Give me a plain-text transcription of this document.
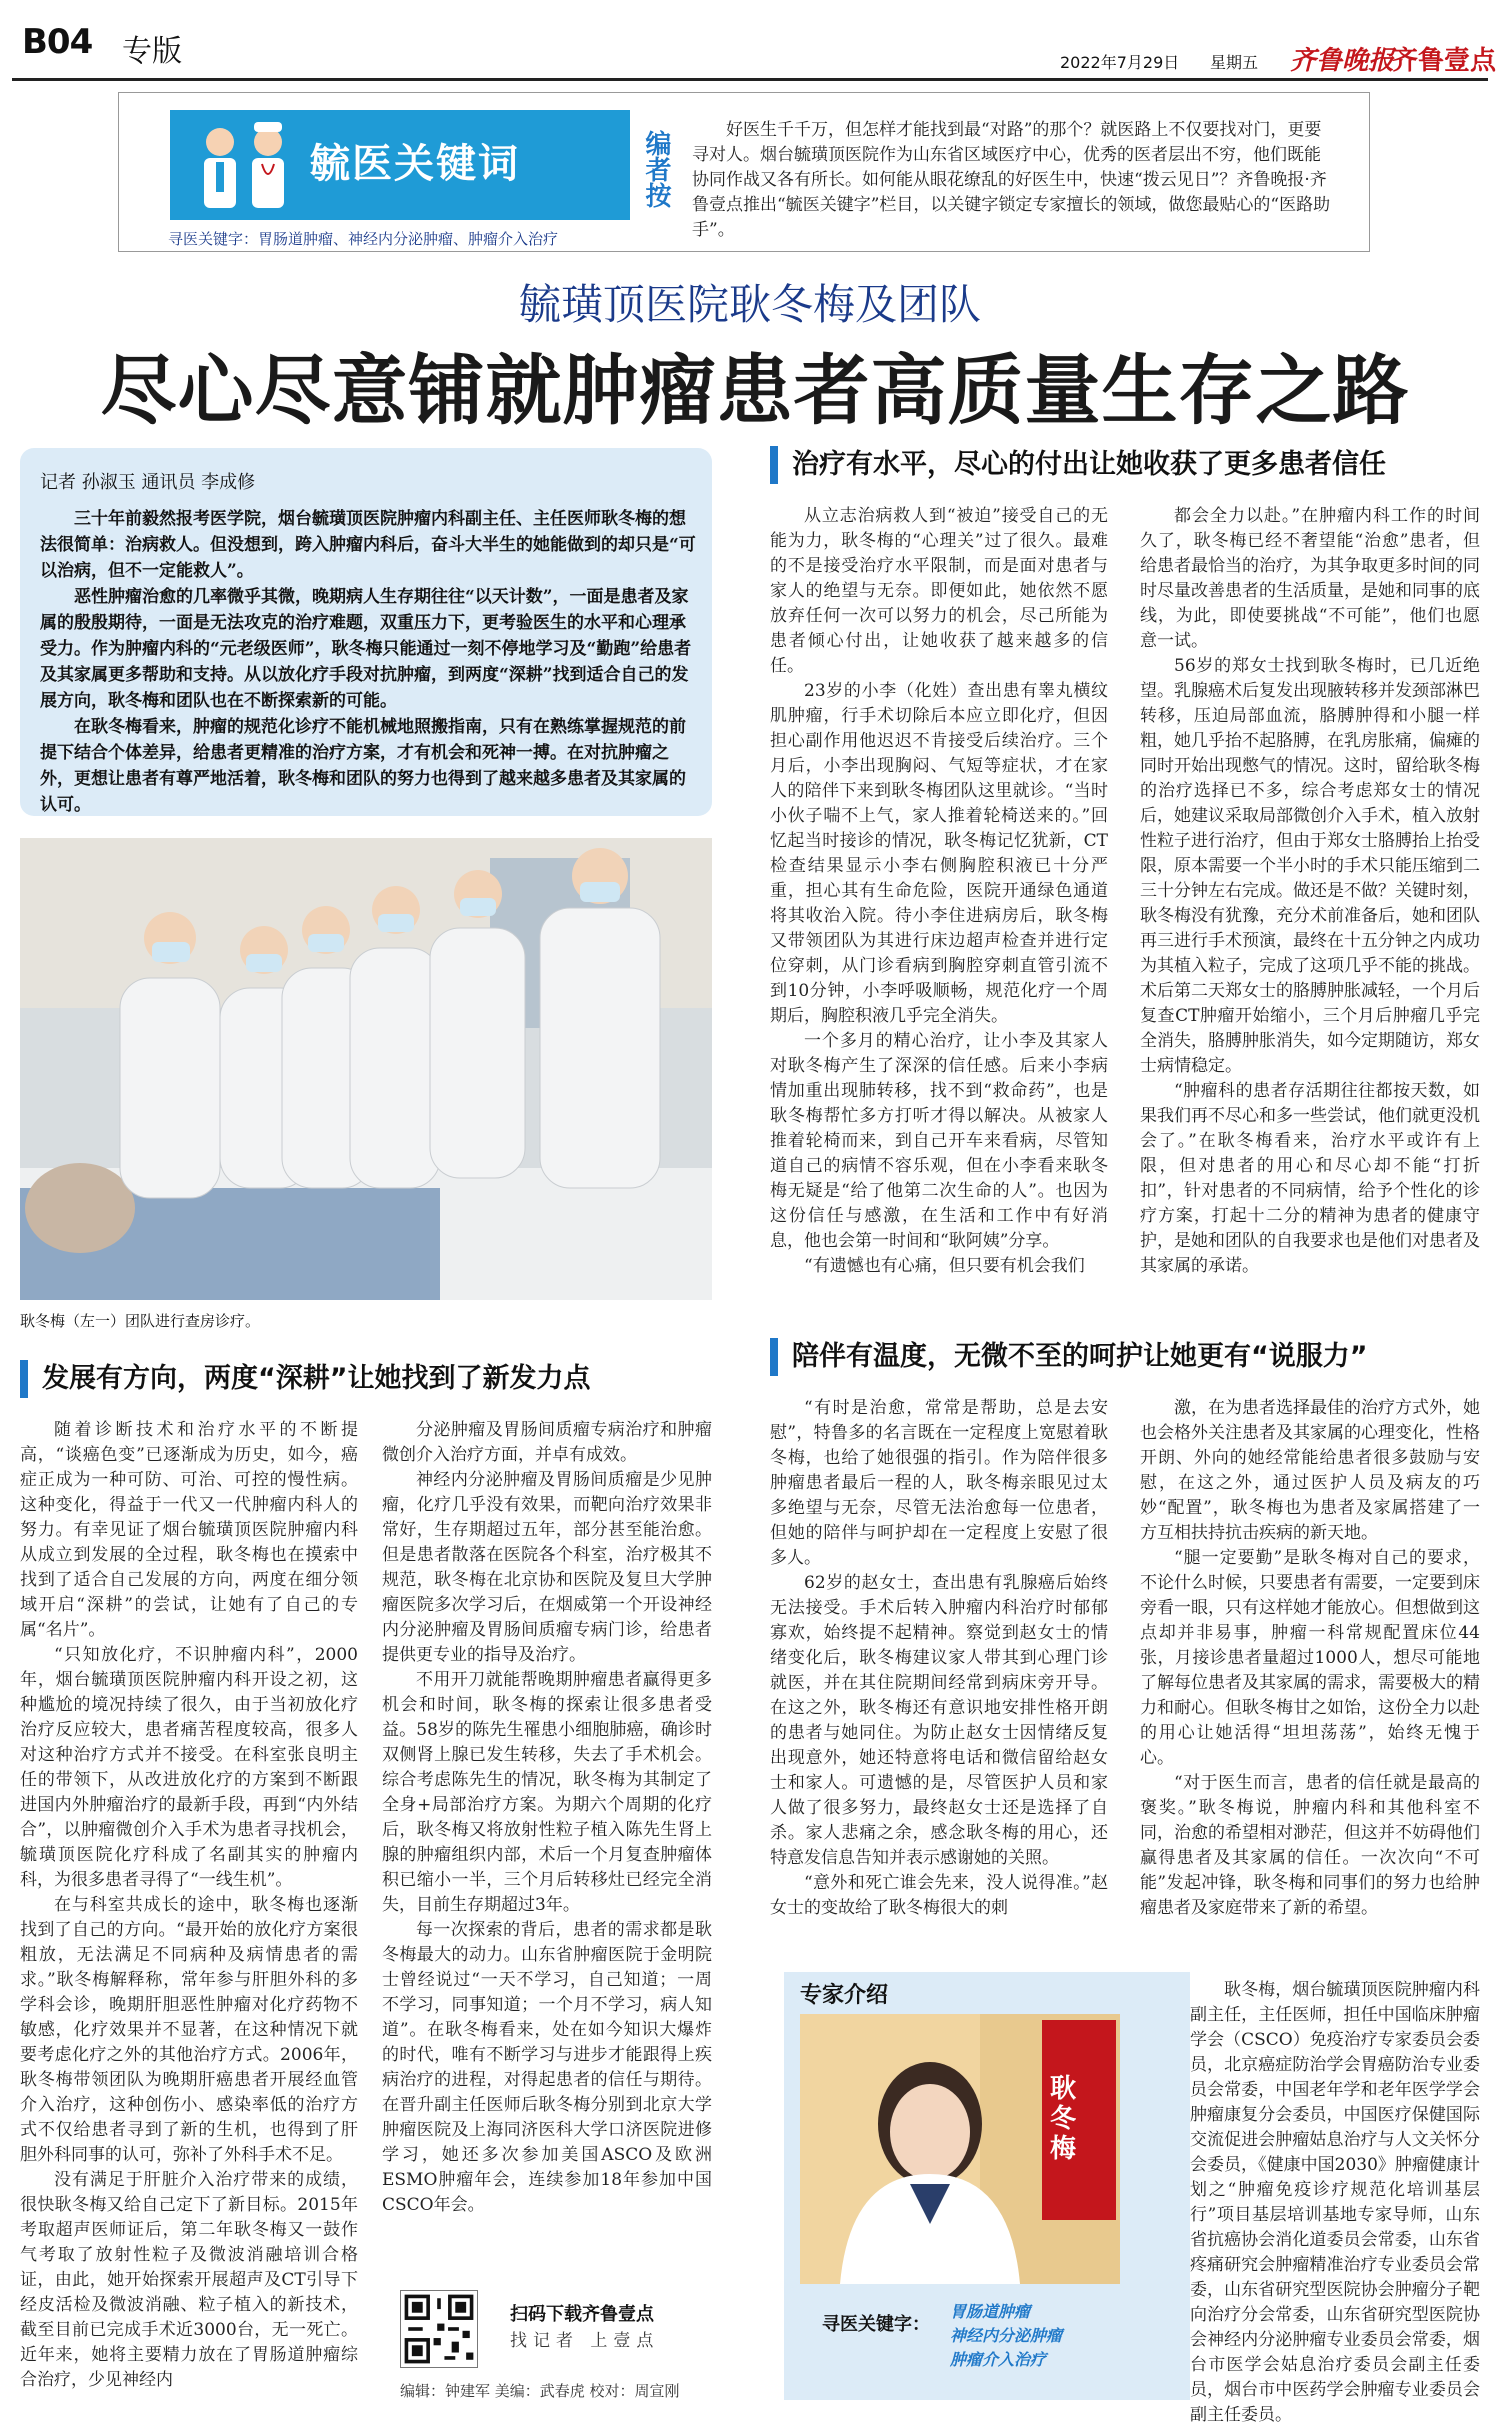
B04 专版	2022年7月29日 星期五 齐鲁晚报
齐鲁壹点
毓医关键词
寻医关键字：胃肠道肿瘤、神经内分泌肿瘤、肿瘤介入治疗
编者按	好医生千千万，但怎样才能找到最“对路”的那个？就医路上不仅要找对门，更要寻对人。烟台毓璜顶医院作为山东省区域医疗中心，优秀的医者层出不穷，他们既能协同作战又各有所长。如何能从眼花缭乱的好医生中，快速“拨云见日”？齐鲁晚报·齐鲁壹点推出“毓医关键字”栏目，以关键字锁定专家擅长的领域，做您最贴心的“医路助手”。
毓璜顶医院耿冬梅及团队
尽心尽意铺就肿瘤患者高质量生存之路
记者 孙淑玉 通讯员 李成修

三十年前毅然报考医学院，烟台毓璜顶医院肿瘤内科副主任、主任医师耿冬梅的想法很简单：治病救人。但没想到，跨入肿瘤内科后，奋斗大半生的她能做到的却只是“可以治病，但不一定能救人”。

恶性肿瘤治愈的几率微乎其微，晚期病人生存期往往“以天计数”，一面是患者及家属的殷殷期待，一面是无法攻克的治疗难题，双重压力下，更考验医生的水平和心理承受力。作为肿瘤内科的“元老级医师”，耿冬梅只能通过一刻不停地学习及“勤跑”给患者及其家属更多帮助和支持。从以放化疗手段对抗肿瘤，到两度“深耕”找到适合自己的发展方向，耿冬梅和团队也在不断探索新的可能。

在耿冬梅看来，肿瘤的规范化诊疗不能机械地照搬指南，只有在熟练掌握规范的前提下结合个体差异，给患者更精准的治疗方案，才有机会和死神一搏。在对抗肿瘤之外，更想让患者有尊严地活着，耿冬梅和团队的努力也得到了越来越多患者及其家属的认可。

耿冬梅（左一）团队进行查房诊疗。
治疗有水平，尽心的付出让她收获了更多患者信任

从立志治病救人到“被迫”接受自己的无能为力，耿冬梅的“心理关”过了很久。最难的不是接受治疗水平限制，而是面对患者与家人的绝望与无奈。即便如此，她依然不愿放弃任何一次可以努力的机会，尽己所能为患者倾心付出，让她收获了越来越多的信任。

23岁的小李（化姓）查出患有睾丸横纹肌肿瘤，行手术切除后本应立即化疗，但因担心副作用他迟迟不肯接受后续治疗。三个月后，小李出现胸闷、气短等症状，才在家人的陪伴下来到耿冬梅团队这里就诊。“当时小伙子喘不上气，家人推着轮椅送来的。”回忆起当时接诊的情况，耿冬梅记忆犹新，CT检查结果显示小李右侧胸腔积液已十分严重，担心其有生命危险，医院开通绿色通道将其收治入院。待小李住进病房后，耿冬梅又带领团队为其进行床边超声检查并进行定位穿刺，从门诊看病到胸腔穿刺直管引流不到10分钟，小李呼吸顺畅，规范化疗一个周期后，胸腔积液几乎完全消失。

一个多月的精心治疗，让小李及其家人对耿冬梅产生了深深的信任感。后来小李病情加重出现肺转移，找不到“救命药”，也是耿冬梅帮忙多方打听才得以解决。从被家人推着轮椅而来，到自己开车来看病，尽管知道自己的病情不容乐观，但在小李看来耿冬梅无疑是“给了他第二次生命的人”。也因为这份信任与感激，在生活和工作中有好消息，他也会第一时间和“耿阿姨”分享。

“有遗憾也有心痛，但只要有机会我们

都会全力以赴。”在肿瘤内科工作的时间久了，耿冬梅已经不奢望能“治愈”患者，但给患者最恰当的治疗，为其争取更多时间的同时尽量改善患者的生活质量，是她和同事的底线，为此，即使要挑战“不可能”，他们也愿意一试。

56岁的郑女士找到耿冬梅时，已几近绝望。乳腺癌术后复发出现腋转移并发颈部淋巴转移，压迫局部血流，胳膊肿得和小腿一样粗，她几乎抬不起胳膊，在乳房胀痛，偏瘫的同时开始出现憋气的情况。这时，留给耿冬梅的治疗选择已不多，综合考虑郑女士的情况后，她建议采取局部微创介入手术，植入放射性粒子进行治疗，但由于郑女士胳膊抬上抬受限，原本需要一个半小时的手术只能压缩到二三十分钟左右完成。做还是不做？关键时刻，耿冬梅没有犹豫，充分术前准备后，她和团队再三进行手术预演，最终在十五分钟之内成功为其植入粒子，完成了这项几乎不能的挑战。术后第二天郑女士的胳膊肿胀减轻，一个月后复查CT肿瘤开始缩小，三个月后肿瘤几乎完全消失，胳膊肿胀消失，如今定期随访，郑女士病情稳定。

“肿瘤科的患者存活期往往都按天数，如果我们再不尽心和多一些尝试，他们就更没机会了。”在耿冬梅看来，治疗水平或许有上限，但对患者的用心和尽心却不能“打折扣”，针对患者的不同病情，给予个性化的诊疗方案，打起十二分的精神为患者的健康守护，是她和团队的自我要求也是他们对患者及其家属的承诺。

发展有方向，两度“深耕”让她找到了新发力点

随着诊断技术和治疗水平的不断提高，“谈癌色变”已逐渐成为历史，如今，癌症正成为一种可防、可治、可控的慢性病。这种变化，得益于一代又一代肿瘤内科人的努力。有幸见证了烟台毓璜顶医院肿瘤内科从成立到发展的全过程，耿冬梅也在摸索中找到了适合自己发展的方向，两度在细分领域开启“深耕”的尝试，让她有了自己的专属“名片”。

“只知放化疗，不识肿瘤内科”，2000年，烟台毓璜顶医院肿瘤内科开设之初，这种尴尬的境况持续了很久，由于当初放化疗治疗反应较大，患者痛苦程度较高，很多人对这种治疗方式并不接受。在科室张良明主任的带领下，从改进放化疗的方案到不断跟进国内外肿瘤治疗的最新手段，再到“内外结合”，以肿瘤微创介入手术为患者寻找机会，毓璜顶医院化疗科成了名副其实的肿瘤内科，为很多患者寻得了“一线生机”。

在与科室共成长的途中，耿冬梅也逐渐找到了自己的方向。“最开始的放化疗方案很粗放，无法满足不同病种及病情患者的需求。”耿冬梅解释称，常年参与肝胆外科的多学科会诊，晚期肝胆恶性肿瘤对化疗药物不敏感，化疗效果并不显著，在这种情况下就要考虑化疗之外的其他治疗方式。2006年，耿冬梅带领团队为晚期肝癌患者开展经血管介入治疗，这种创伤小、感染率低的治疗方式不仅给患者寻到了新的生机，也得到了肝胆外科同事的认可，弥补了外科手术不足。

没有满足于肝脏介入治疗带来的成绩，很快耿冬梅又给自己定下了新目标。2015年考取超声医师证后，第二年耿冬梅又一鼓作气考取了放射性粒子及微波消融培训合格证，由此，她开始探索开展超声及CT引导下经皮活检及微波消融、粒子植入的新技术，截至目前已完成手术近3000台，无一死亡。近年来，她将主要精力放在了胃肠道肿瘤综合治疗，少见神经内

分泌肿瘤及胃肠间质瘤专病治疗和肿瘤微创介入治疗方面，并卓有成效。

神经内分泌肿瘤及胃肠间质瘤是少见肿瘤，化疗几乎没有效果，而靶向治疗效果非常好，生存期超过五年，部分甚至能治愈。但是患者散落在医院各个科室，治疗极其不规范，耿冬梅在北京协和医院及复旦大学肿瘤医院多次学习后，在烟威第一个开设神经内分泌肿瘤及胃肠间质瘤专病门诊，给患者提供更专业的指导及治疗。

不用开刀就能帮晚期肿瘤患者赢得更多机会和时间，耿冬梅的探索让很多患者受益。58岁的陈先生罹患小细胞肺癌，确诊时双侧肾上腺已发生转移，失去了手术机会。综合考虑陈先生的情况，耿冬梅为其制定了全身+局部治疗方案。为期六个周期的化疗后，耿冬梅又将放射性粒子植入陈先生肾上腺的肿瘤组织内部，术后一个月复查肿瘤体积已缩小一半，三个月后转移灶已经完全消失，目前生存期超过3年。

每一次探索的背后，患者的需求都是耿冬梅最大的动力。山东省肿瘤医院于金明院士曾经说过“一天不学习，自己知道；一周不学习，同事知道；一个月不学习，病人知道”。在耿冬梅看来，处在如今知识大爆炸的时代，唯有不断学习与进步才能跟得上疾病治疗的进程，对得起患者的信任与期待。在晋升副主任医师后耿冬梅分别到北京大学肿瘤医院及上海同济医科大学口济医院进修学习，她还多次参加美国ASCO及欧洲ESMO肿瘤年会，连续参加18年参加中国CSCO年会。

陪伴有温度，无微不至的呵护让她更有“说服力”

“有时是治愈，常常是帮助，总是去安慰”，特鲁多的名言既在一定程度上宽慰着耿冬梅，也给了她很强的指引。作为陪伴很多肿瘤患者最后一程的人，耿冬梅亲眼见过太多绝望与无奈，尽管无法治愈每一位患者，但她的陪伴与呵护却在一定程度上安慰了很多人。

62岁的赵女士，查出患有乳腺癌后始终无法接受。手术后转入肿瘤内科治疗时郁郁寡欢，始终提不起精神。察觉到赵女士的情绪变化后，耿冬梅建议家人带其到心理门诊就医，并在其住院期间经常到病床旁开导。在这之外，耿冬梅还有意识地安排性格开朗的患者与她同住。为防止赵女士因情绪反复出现意外，她还特意将电话和微信留给赵女士和家人。可遗憾的是，尽管医护人员和家人做了很多努力，最终赵女士还是选择了自杀。家人悲痛之余，感念耿冬梅的用心，还特意发信息告知并表示感谢她的关照。

“意外和死亡谁会先来，没人说得准。”赵女士的变故给了耿冬梅很大的刺

激，在为患者选择最佳的治疗方式外，她也会格外关注患者及其家属的心理变化，性格开朗、外向的她经常能给患者很多鼓励与安慰，在这之外，通过医护人员及病友的巧妙“配置”，耿冬梅也为患者及家属搭建了一方互相扶持抗击疾病的新天地。

“腿一定要勤”是耿冬梅对自己的要求，不论什么时候，只要患者有需要，一定要到床旁看一眼，只有这样她才能放心。但想做到这点却并非易事，肿瘤一科常规配置床位44张，月接诊患者量超过1000人，想尽可能地了解每位患者及其家属的需求，需要极大的精力和耐心。但耿冬梅甘之如饴，这份全力以赴的用心让她活得“坦坦荡荡”，始终无愧于心。

“对于医生而言，患者的信任就是最高的褒奖。”耿冬梅说，肿瘤内科和其他科室不同，治愈的希望相对渺茫，但这并不妨碍他们赢得患者及其家属的信任。一次次向“不可能”发起冲锋，耿冬梅和同事们的努力也给肿瘤患者及家庭带来了新的希望。

专家介绍
耿冬梅
寻医关键字：
胃肠道肿瘤
神经内分泌肿瘤
肿瘤介入治疗
耿冬梅，烟台毓璜顶医院肿瘤内科副主任，主任医师，担任中国临床肿瘤学会（CSCO）免疫治疗专家委员会委员，北京癌症防治学会胃癌防治专业委员会常委，中国老年学和老年医学学会肿瘤康复分会委员，中国医疗保健国际交流促进会肿瘤姑息治疗与人文关怀分会委员，《健康中国2030》肿瘤健康计划之“肿瘤免疫诊疗规范化培训基层行”项目基层培训基地专家导师，山东省抗癌协会消化道委员会常委，山东省疼痛研究会肿瘤精准治疗专业委员会常委，山东省研究型医院协会肿瘤分子靶向治疗分会常委，山东省研究型医院协会神经内分泌肿瘤专业委员会常委，烟台市医学会姑息治疗委员会副主任委员，烟台市中医药学会肿瘤专业委员会副主任委员。
扫码下载齐鲁壹点
找记者 上壹点
编辑：钟建军 美编：武春虎 校对：周宣刚
